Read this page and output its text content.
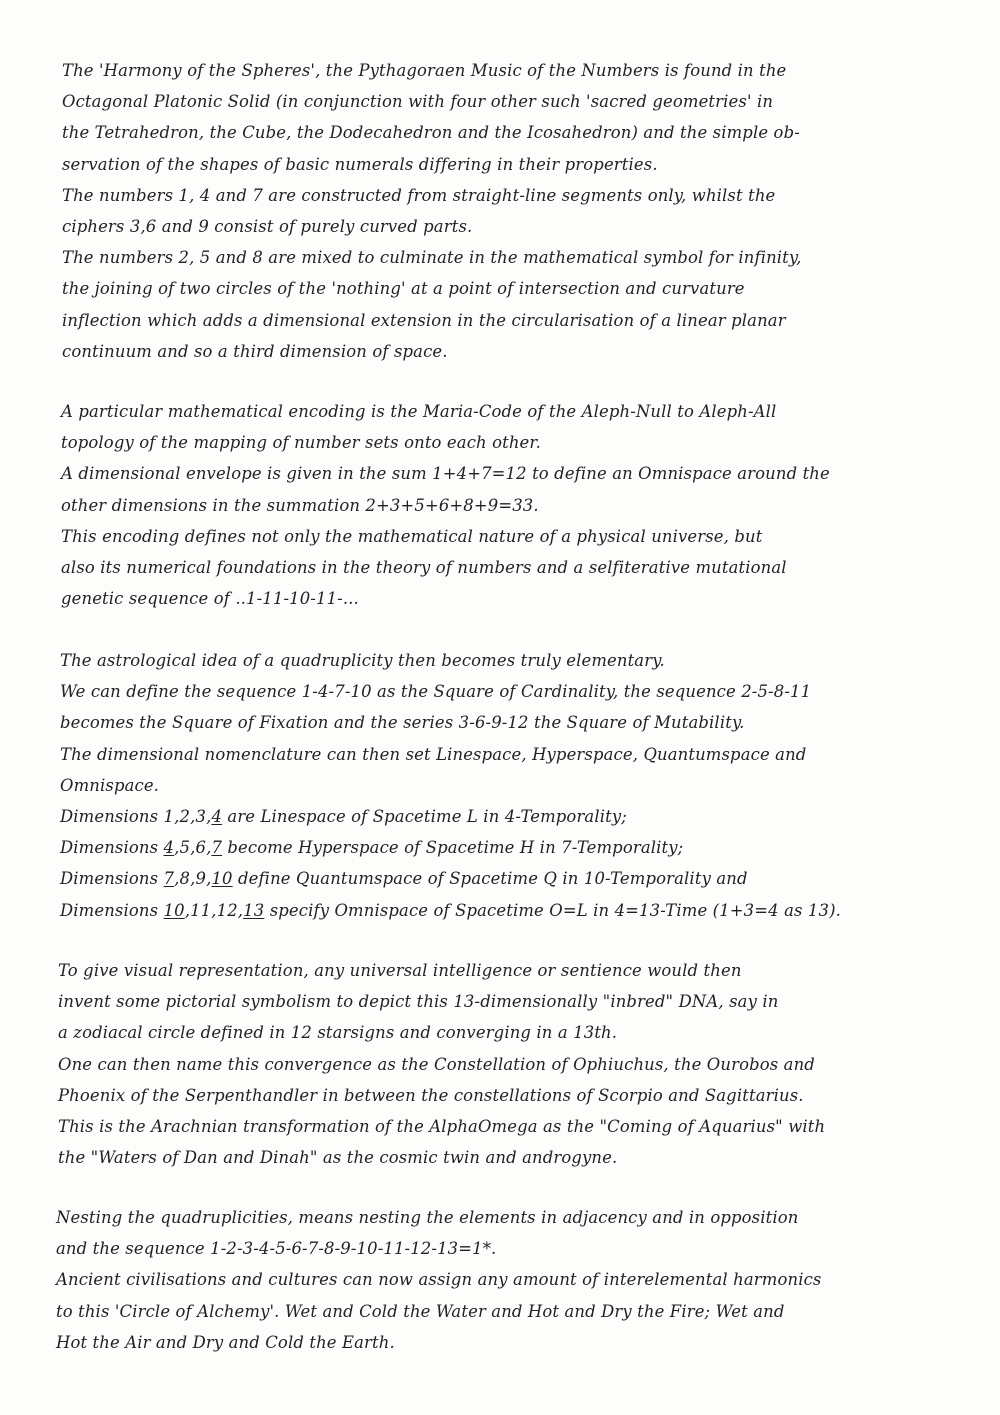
The 'Harmony of the Spheres', the Pythagoraen Music of the Numbers is found in the
Octagonal Platonic Solid (in conjunction with four other such 'sacred geometries' in
the Tetrahedron, the Cube, the Dodecahedron and the Icosahedron) and the simple ob-
servation of the shapes of basic numerals differing in their properties.
The numbers 1, 4 and 7 are constructed from straight-line segments only, whilst the
ciphers 3,6 and 9 consist of purely curved parts.
The numbers 2, 5 and 8 are mixed to culminate in the mathematical symbol for infinity,
the joining of two circles of the 'nothing' at a point of intersection and curvature
inflection which adds a dimensional extension in the circularisation of a linear planar
continuum and so a third dimension of space.
A particular mathematical encoding is the Maria-Code of the Aleph-Null to Aleph-All
topology of the mapping of number sets onto each other.
A dimensional envelope is given in the sum 1+4+7=12 to define an Omnispace around the
other dimensions in the summation 2+3+5+6+8+9=33.
This encoding defines not only the mathematical nature of a physical universe, but
also its numerical foundations in the theory of numbers and a selfiterative mutational
genetic sequence of ..1-11-10-11-...
The astrological idea of a quadruplicity then becomes truly elementary.
We can define the sequence 1-4-7-10 as the Square of Cardinality, the sequence 2-5-8-11
becomes the Square of Fixation and the series 3-6-9-12 the Square of Mutability.
The dimensional nomenclature can then set Linespace, Hyperspace, Quantumspace and
Omnispace.
Dimensions 1,2,3,4 are Linespace of Spacetime L in 4-Temporality;
Dimensions 4,5,6,7 become Hyperspace of Spacetime H in 7-Temporality;
Dimensions 7,8,9,10 define Quantumspace of Spacetime Q in 10-Temporality and
Dimensions 10,11,12,13 specify Omnispace of Spacetime O=L in 4=13-Time (1+3=4 as 13).
To give visual representation, any universal intelligence or sentience would then
invent some pictorial symbolism to depict this 13-dimensionally "inbred" DNA, say in
a zodiacal circle defined in 12 starsigns and converging in a 13th.
One can then name this convergence as the Constellation of Ophiuchus, the Ourobos and
Phoenix of the Serpenthandler in between the constellations of Scorpio and Sagittarius.
This is the Arachnian transformation of the AlphaOmega as the "Coming of Aquarius" with
the "Waters of Dan and Dinah" as the cosmic twin and androgyne.
Nesting the quadruplicities, means nesting the elements in adjacency and in opposition
and the sequence 1-2-3-4-5-6-7-8-9-10-11-12-13=1*.
Ancient civilisations and cultures can now assign any amount of interelemental harmonics
to this 'Circle of Alchemy'. Wet and Cold the Water and Hot and Dry the Fire; Wet and
Hot the Air and Dry and Cold the Earth.
